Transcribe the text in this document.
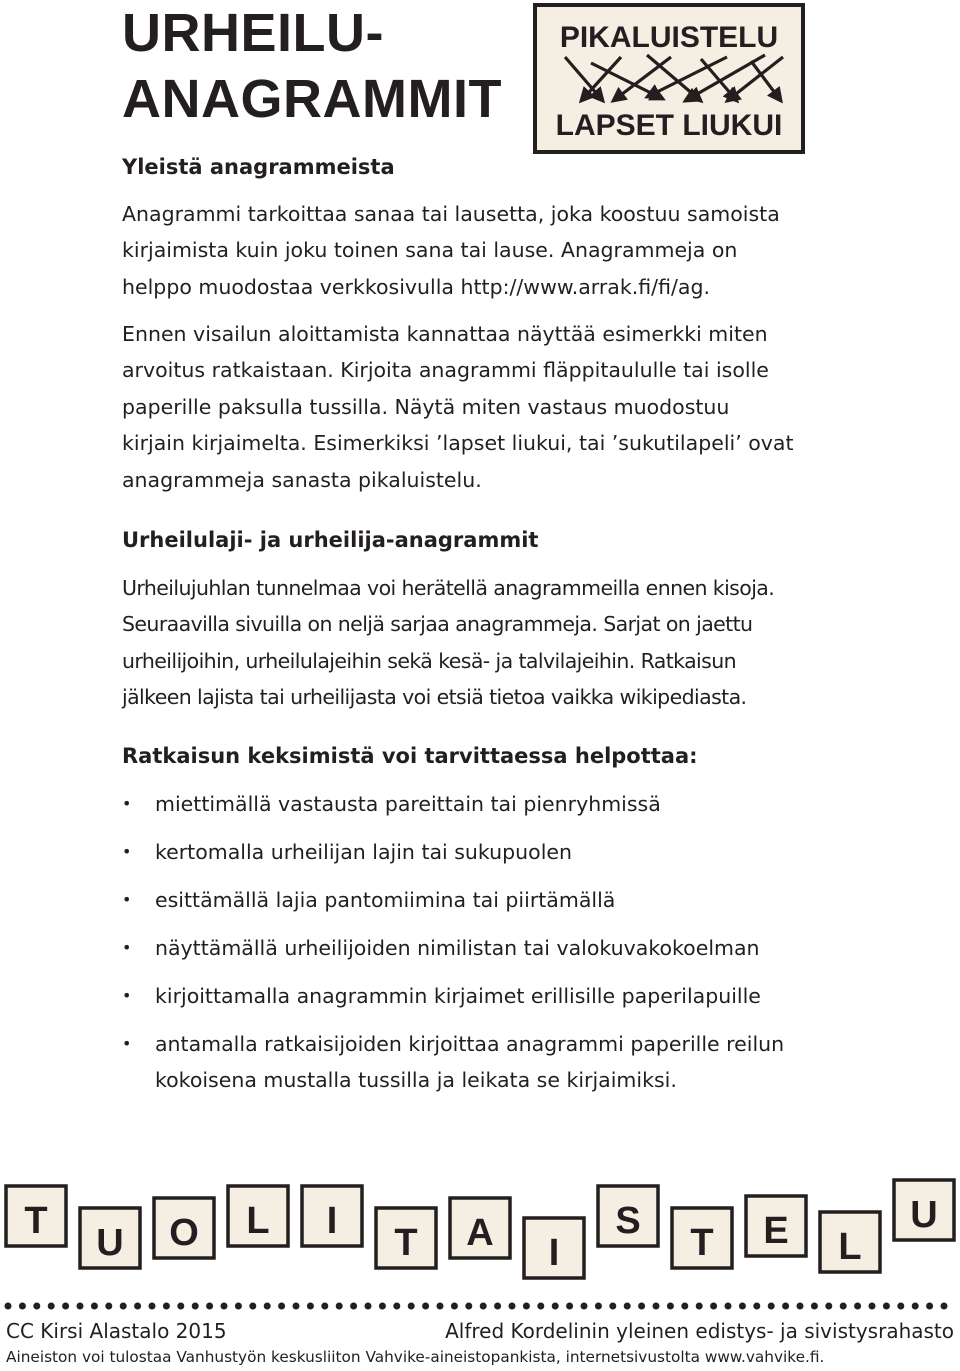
URHEILU-
ANAGRAMMIT
PIKALUISTELU
LAPSET LIUKUI
Yleistä anagrammeista

Anagrammi tarkoittaa sanaa tai lausetta, joka koostuu samoista
kirjaimista kuin joku toinen sana tai lause. Anagrammeja on
helppo muodostaa verkkosivulla http://www.arrak.fi/fi/ag.

Ennen visailun aloittamista kannattaa näyttää esimerkki miten
arvoitus ratkaistaan. Kirjoita anagrammi fläppitaululle tai isolle
paperille paksulla tussilla. Näytä miten vastaus muodostuu
kirjain kirjaimelta. Esimerkiksi ’lapset liukui, tai ’sukutilapeli’ ovat
anagrammeja sanasta pikaluistelu.

Urheilulaji- ja urheilija-anagrammit

Urheilujuhlan tunnelmaa voi herätellä anagrammeilla ennen kisoja.
Seuraavilla sivuilla on neljä sarjaa anagrammeja. Sarjat on jaettu
urheilijoihin, urheilulajeihin sekä kesä- ja talvilajeihin. Ratkaisun
jälkeen lajista tai urheilijasta voi etsiä tietoa vaikka wikipediasta.

Ratkaisun keksimistä voi tarvittaessa helpottaa:
• miettimällä vastausta pareittain tai pienryhmissä
• kertomalla urheilijan lajin tai sukupuolen
• esittämällä lajia pantomiimina tai piirtämällä
• näyttämällä urheilijoiden nimilistan tai valokuvakokoelman
• kirjoittamalla anagrammin kirjaimet erillisille paperilapuille
• antamalla ratkaisijoiden kirjoittaa anagrammi paperille reilun
kokoisena mustalla tussilla ja leikata se kirjaimiksi.
T
U O L I
T A I
S
T E L
U
CC Kirsi Alastalo 2015	Alfred Kordelinin yleinen edistys- ja sivistysrahasto
Aineiston voi tulostaa Vanhustyön keskusliiton Vahvike-aineistopankista, internetsivustolta www.vahvike.fi.
